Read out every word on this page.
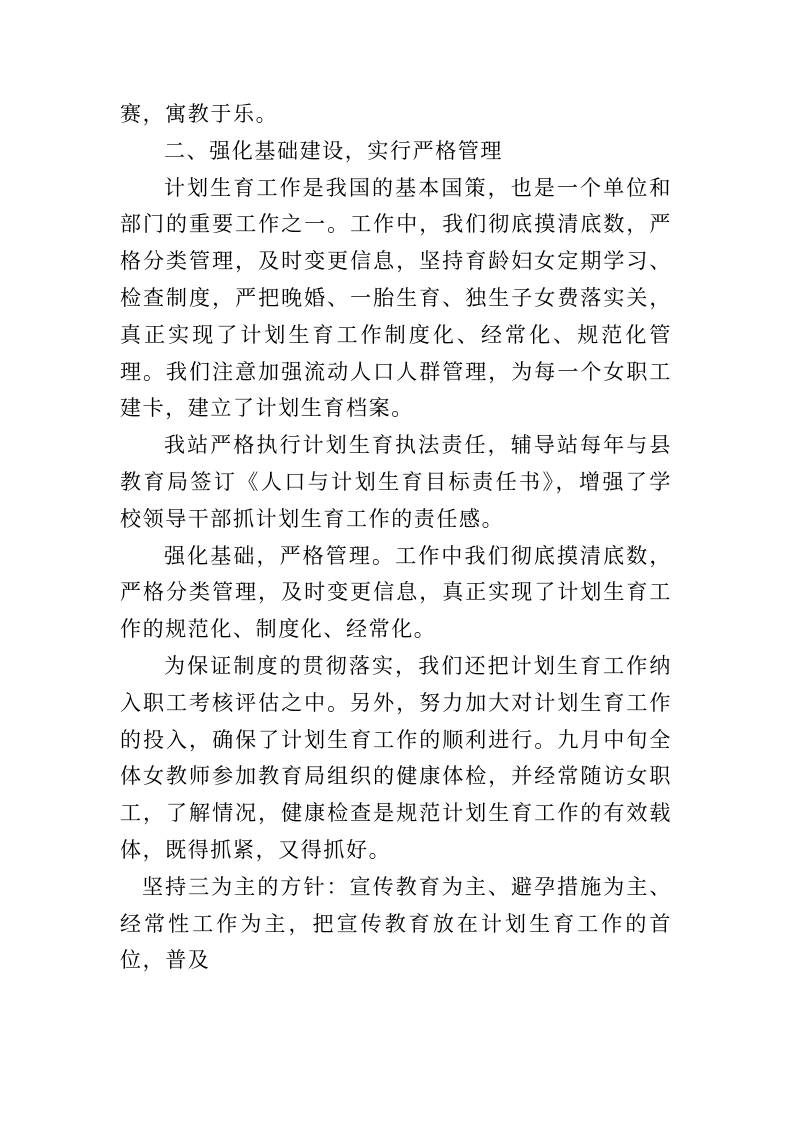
赛，寓教于乐。

二、强化基础建设，实行严格管理

计划生育工作是我国的基本国策，也是一个单位和部门的重要工作之一。工作中，我们彻底摸清底数，严格分类管理，及时变更信息，坚持育龄妇女定期学习、检查制度，严把晚婚、一胎生育、独生子女费落实关，真正实现了计划生育工作制度化、经常化、规范化管理。我们注意加强流动人口人群管理，为每一个女职工建卡，建立了计划生育档案。

我站严格执行计划生育执法责任，辅导站每年与县教育局签订《人口与计划生育目标责任书》，增强了学校领导干部抓计划生育工作的责任感。

强化基础，严格管理。工作中我们彻底摸清底数，严格分类管理，及时变更信息，真正实现了计划生育工作的规范化、制度化、经常化。

为保证制度的贯彻落实，我们还把计划生育工作纳入职工考核评估之中。另外，努力加大对计划生育工作的投入，确保了计划生育工作的顺利进行。九月中旬全体女教师参加教育局组织的健康体检，并经常随访女职工，了解情况，健康检查是规范计划生育工作的有效载体，既得抓紧，又得抓好。

坚持三为主的方针：宣传教育为主、避孕措施为主、经常性工作为主，把宣传教育放在计划生育工作的首位，普及
